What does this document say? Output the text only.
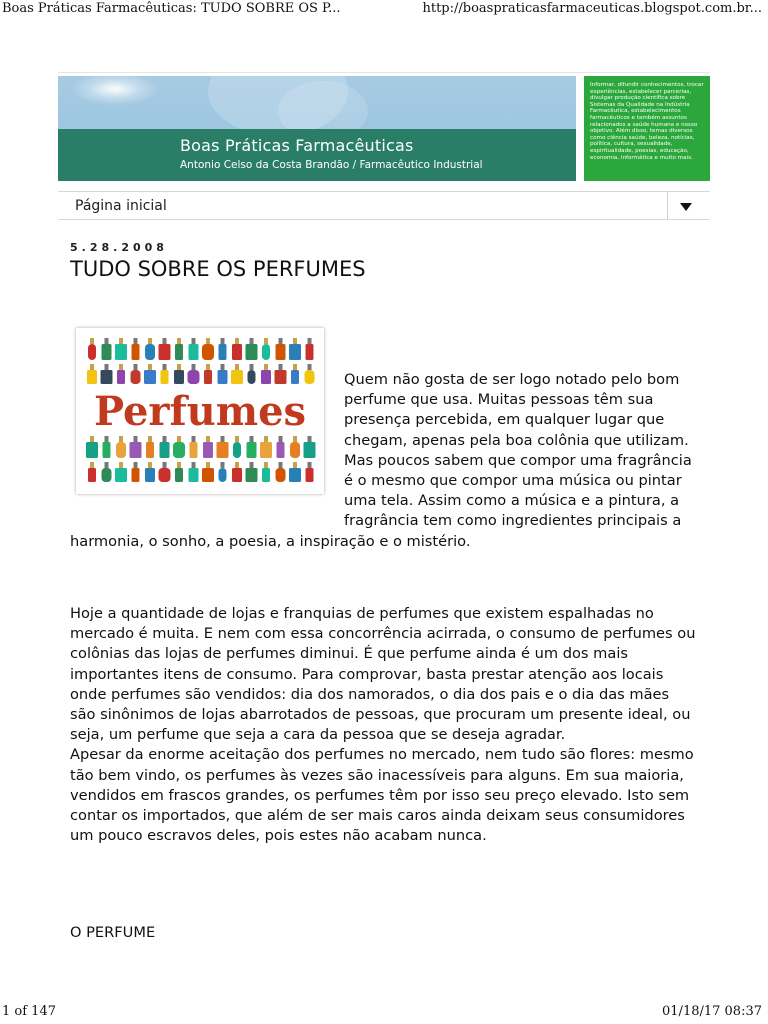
Boas Práticas Farmacêuticas: TUDO SOBRE OS P...	http://boaspraticasfarmaceuticas.blogspot.com.br...
Boas Práticas Farmacêuticas
Antonio Celso da Costa Brandão / Farmacêutico Industrial
Informar, difundir conhecimentos, trocar experiências, estabelecer parcerias, divulgar produção científica sobre Sistemas da Qualidade na Indústria Farmacêutica, estabelecimentos farmacêuticos e também assuntos relacionados a saúde humana e nosso objetivo. Além disso, temas diversos como ciência saúde, beleza, notícias, política, cultura, sexualidade, espiritualidade, poesias, educação, economia, informática e muito mais.
Página inicial
5.28.2008
TUDO SOBRE OS PERFUMES
Perfumes
Quem não gosta de ser logo notado pelo bom perfume que usa. Muitas pessoas têm sua presença percebida, em qualquer lugar que chegam, apenas pela boa colônia que utilizam. Mas poucos sabem que compor uma fragrância é o mesmo que compor uma música ou pintar uma tela. Assim como a música e a pintura, a fragrância tem como ingredientes principais a harmonia, o sonho, a poesia, a inspiração e o mistério.
Hoje a quantidade de lojas e franquias de perfumes que existem espalhadas no mercado é muita. E nem com essa concorrência acirrada, o consumo de perfumes ou colônias das lojas de perfumes diminui. É que perfume ainda é um dos mais importantes itens de consumo. Para comprovar, basta prestar atenção aos locais onde perfumes são vendidos: dia dos namorados, o dia dos pais e o dia das mães são sinônimos de lojas abarrotados de pessoas, que procuram um presente ideal, ou seja, um perfume que seja a cara da pessoa que se deseja agradar.
Apesar da enorme aceitação dos perfumes no mercado, nem tudo são flores: mesmo tão bem vindo, os perfumes às vezes são inacessíveis para alguns. Em sua maioria, vendidos em frascos grandes, os perfumes têm por isso seu preço elevado. Isto sem contar os importados, que além de ser mais caros ainda deixam seus consumidores um pouco escravos deles, pois estes não acabam nunca.
O PERFUME
1 of 147	01/18/17 08:37
